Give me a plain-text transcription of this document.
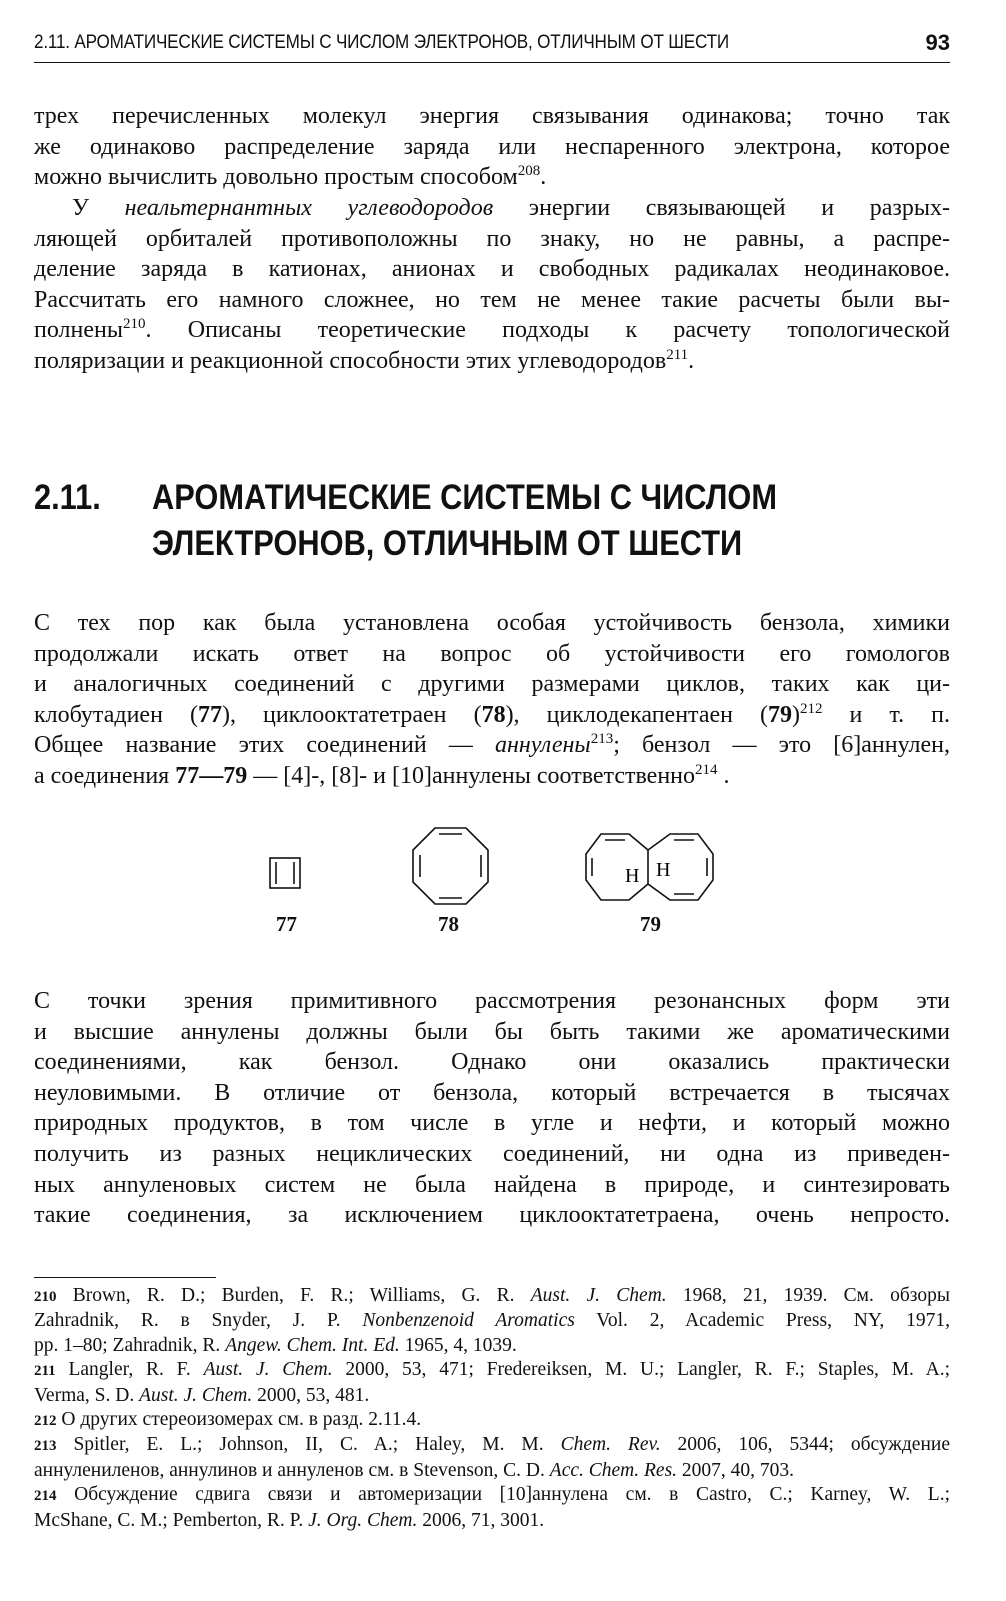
2.11. АРОМАТИЧЕСКИЕ СИСТЕМЫ С ЧИСЛОМ ЭЛЕКТРОНОВ, ОТЛИЧНЫМ ОТ ШЕСТИ	93

трех перечисленных молекул энергия связывания одинакова; точно так
же одинаково распределение заряда или неспаренного электрона, которое
можно вычислить довольно простым способом$^{208}$.

У неальтернантных углеводородов энергии связывающей и разрых-
ляющей орбиталей противоположны по знаку, но не равны, а распре-
деление заряда в катионах, анионах и свободных радикалах неодинаковое.
Рассчитать его намного сложнее, но тем не менее такие расчеты были вы-
полнены$^{210}$. Описаны теоретические подходы к расчету топологической
поляризации и реакционной способности этих углеводородов$^{211}$.

2.11. АРОМАТИЧЕСКИЕ СИСТЕМЫ С ЧИСЛОМ
ЭЛЕКТРОНОВ, ОТЛИЧНЫМ ОТ ШЕСТИ

С тех пор как была установлена особая устойчивость бензола, химики
продолжали искать ответ на вопрос об устойчивости его гомологов
и аналогичных соединений с другими размерами циклов, таких как ци-
клобутадиен (77), циклооктатетраен (78), циклодекапентаен $(79)^{212}$ и т. п.
Общее название этих соединений — аннулены$^{213}$; бензол — это [6]аннулен,
а соединения 77—79 — [4]-, [8]- и [10]аннулены соответственно$^{214}$ .

H H
77	78	79

С точки зрения примитивного рассмотрения резонансных форм эти
и высшие аннулены должны были бы быть такими же ароматическими
соединениями, как бензол. Однако они оказались практически
неуловимыми. В отличие от бензола, который встречается в тысячах
природных продуктов, в том числе в угле и нефти, и который можно
получить из разных нециклических соединений, ни одна из приведен-
ных анnуленовых систем не была найдена в природе, и синтезировать
такие соединения, за исключением циклооктатетраена, очень непросто.

210 Brown, R. D.; Burden, F. R.; Williams, G. R. Aust. J. Chem. 1968, 21, 1939. См. обзоры
Zahradnik, R. в Snyder, J. P. Nonbenzenoid Aromatics Vol. 2, Academic Press, NY, 1971,
pp. 1–80; Zahradnik, R. Angew. Chem. Int. Ed. 1965, 4, 1039.

211 Langler, R. F. Aust. J. Chem. 2000, 53, 471; Fredereiksen, M. U.; Langler, R. F.; Staples, M. A.;
Verma, S. D. Aust. J. Chem. 2000, 53, 481.

212 О других стереоизомерах см. в разд. 2.11.4.

213 Spitler, E. L.; Johnson, II, C. A.; Haley, M. M. Chem. Rev. 2006, 106, 5344; обсуждение
аннулениленов, аннулинов и аннуленов см. в Stevenson, C. D. Acc. Chem. Res. 2007, 40, 703.

214 Обсуждение сдвига связи и автомеризации [10]аннулена см. в Castro, C.; Karney, W. L.;
McShane, C. M.; Pemberton, R. P. J. Org. Chem. 2006, 71, 3001.
